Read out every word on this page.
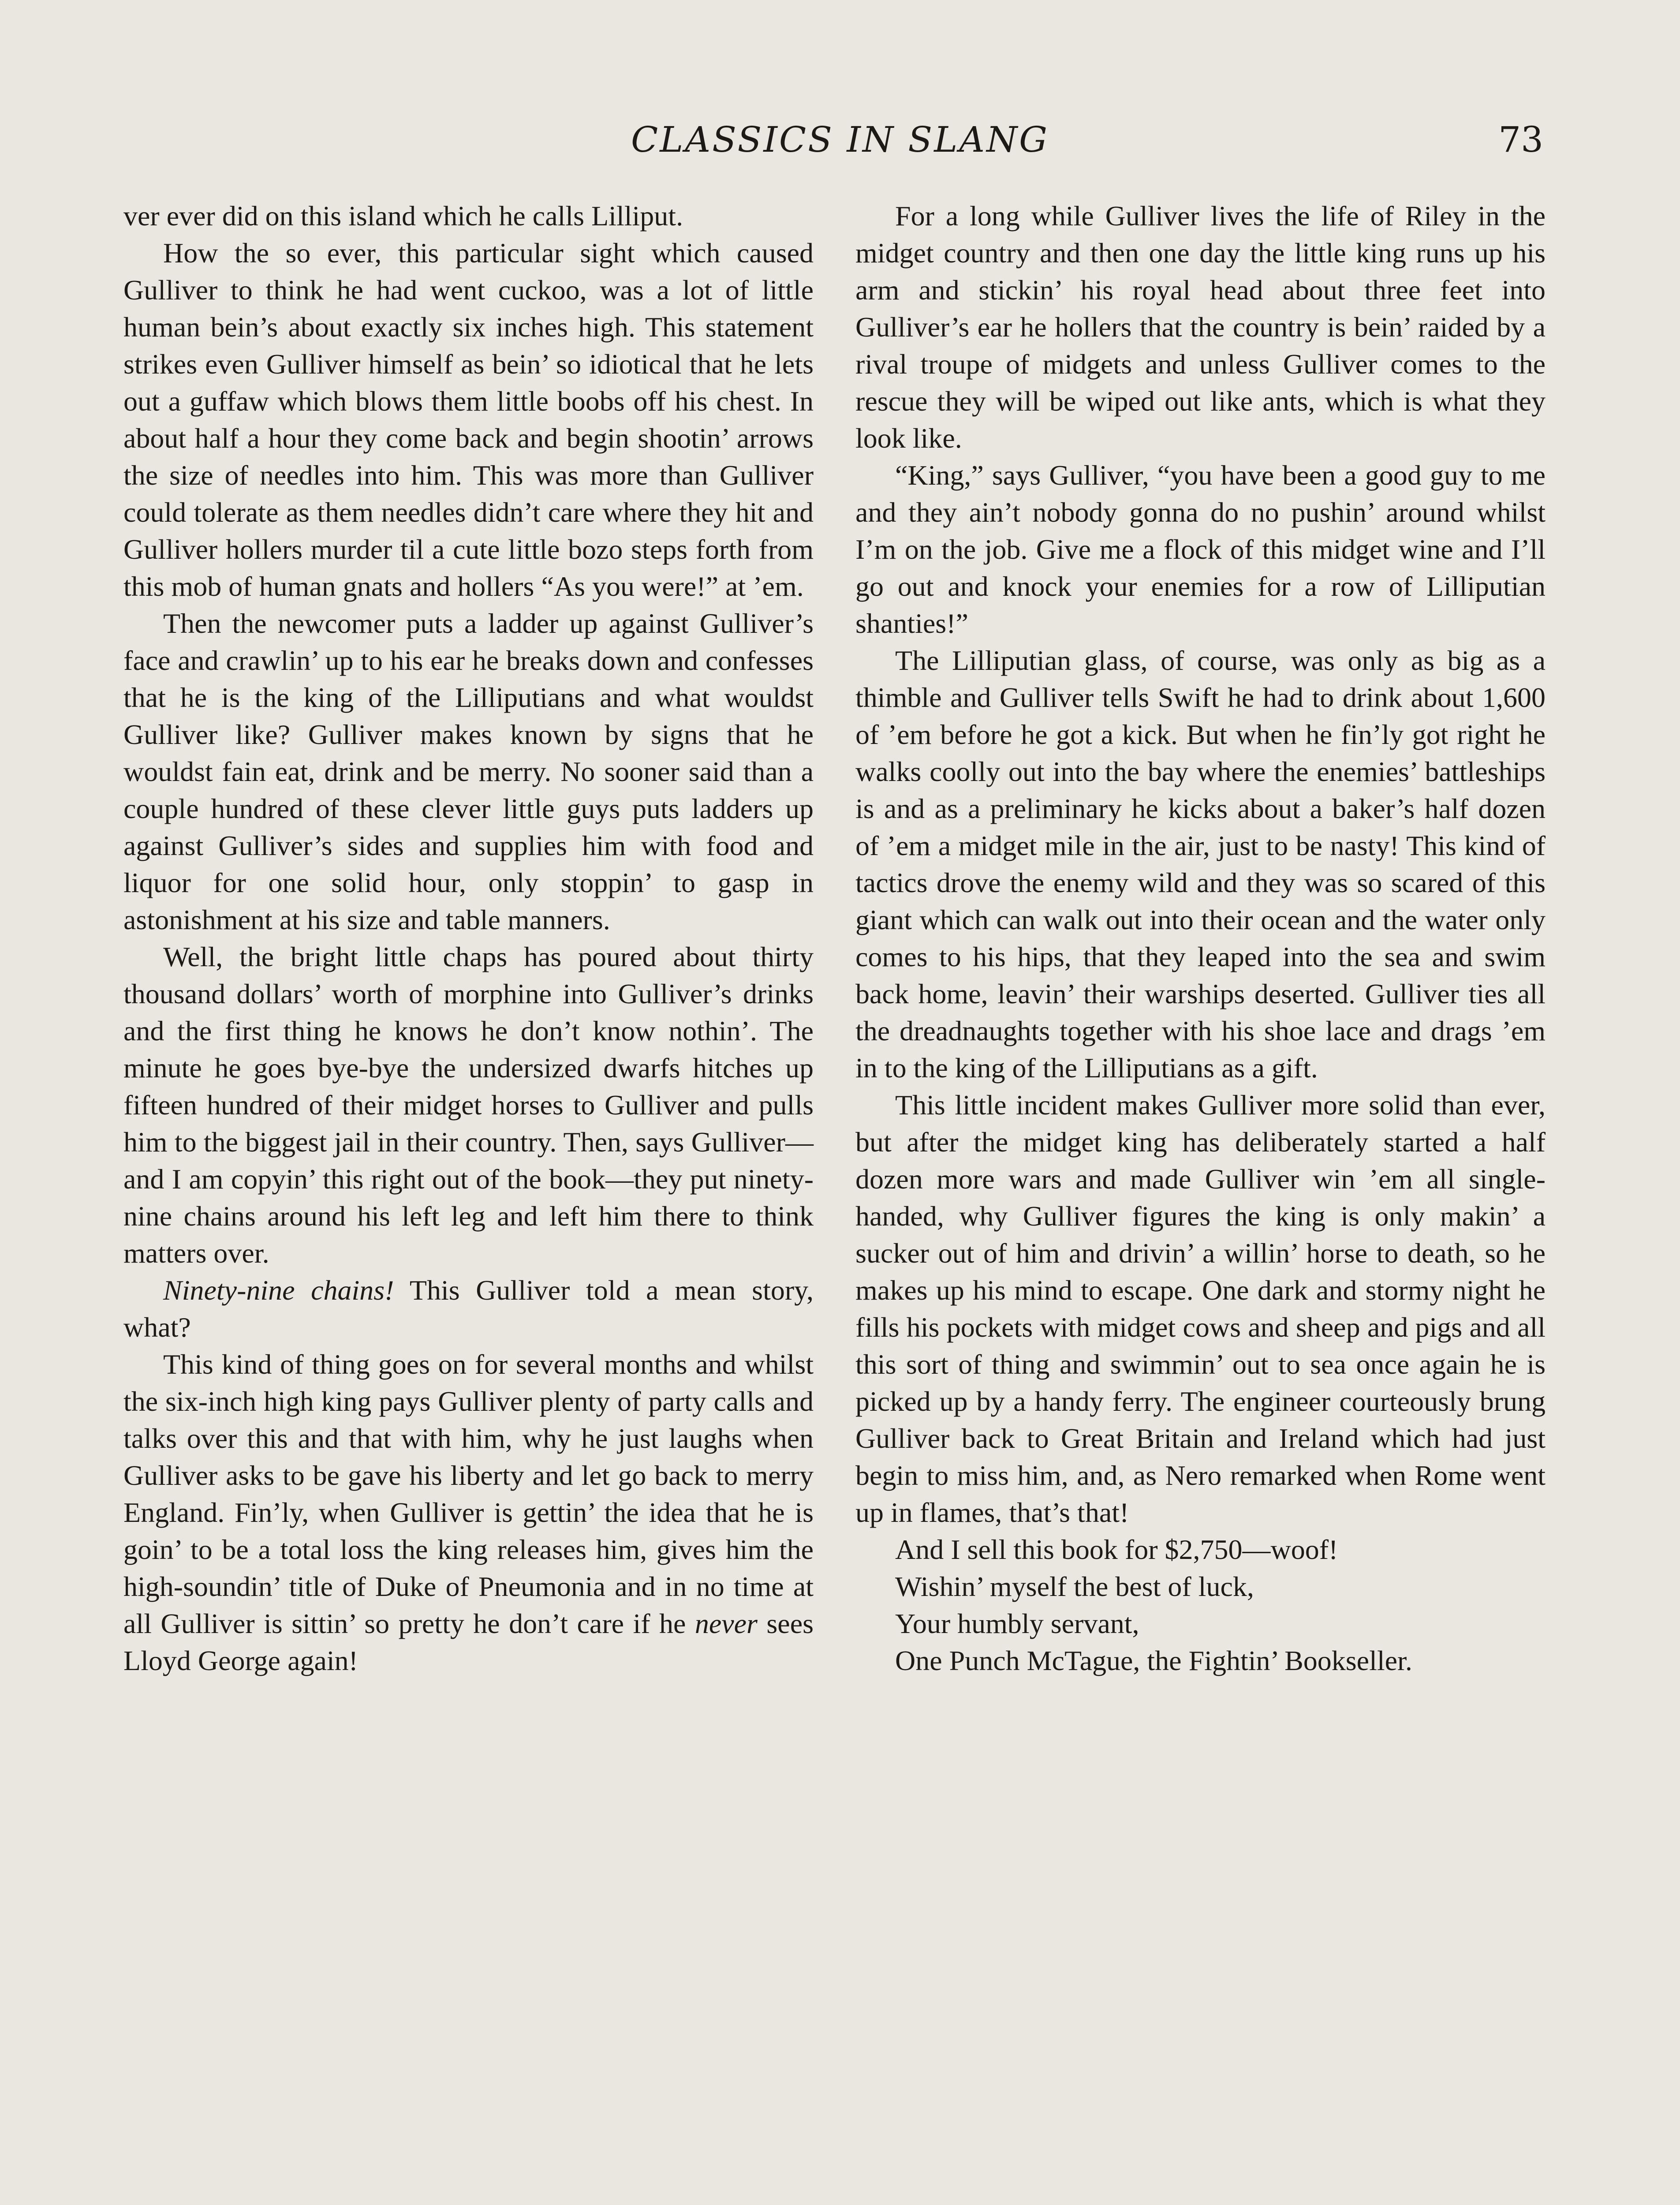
CLASSICS IN SLANG	73

ver ever did on this island which he calls Lilliput.

How the so ever, this particular sight which caused Gulliver to think he had went cuckoo, was a lot of little human bein’s about exactly six inches high. This statement strikes even Gulliver himself as bein’ so idiotical that he lets out a guffaw which blows them little boobs off his chest. In about half a hour they come back and begin shootin’ arrows the size of needles into him. This was more than Gulliver could tolerate as them needles didn’t care where they hit and Gulliver hollers murder til a cute little bozo steps forth from this mob of human gnats and hollers “As you were!” at ’em.

Then the newcomer puts a ladder up against Gulliver’s face and crawlin’ up to his ear he breaks down and confesses that he is the king of the Lilliputians and what wouldst Gulliver like? Gulliver makes known by signs that he wouldst fain eat, drink and be merry. No sooner said than a couple hundred of these clever little guys puts ladders up against Gulliver’s sides and supplies him with food and liquor for one solid hour, only stoppin’ to gasp in astonishment at his size and table manners.

Well, the bright little chaps has poured about thirty thousand dollars’ worth of morphine into Gulliver’s drinks and the first thing he knows he don’t know nothin’. The minute he goes bye-bye the undersized dwarfs hitches up fifteen hundred of their midget horses to Gulliver and pulls him to the biggest jail in their country. Then, says Gulliver—and I am copyin’ this right out of the book—they put ninety-nine chains around his left leg and left him there to think matters over.

Ninety-nine chains! This Gulliver told a mean story, what?

This kind of thing goes on for several months and whilst the six-inch high king pays Gulliver plenty of party calls and talks over this and that with him, why he just laughs when Gulliver asks to be gave his liberty and let go back to merry England. Fin’ly, when Gulliver is gettin’ the idea that he is goin’ to be a total loss the king releases him, gives him the high-soundin’ title of Duke of Pneumonia and in no time at all Gulliver is sittin’ so pretty he don’t care if he never sees Lloyd George again!

For a long while Gulliver lives the life of Riley in the midget country and then one day the little king runs up his arm and stickin’ his royal head about three feet into Gulliver’s ear he hollers that the country is bein’ raided by a rival troupe of midgets and unless Gulliver comes to the rescue they will be wiped out like ants, which is what they look like.

“King,” says Gulliver, “you have been a good guy to me and they ain’t nobody gonna do no pushin’ around whilst I’m on the job. Give me a flock of this midget wine and I’ll go out and knock your enemies for a row of Lilliputian shanties!”

The Lilliputian glass, of course, was only as big as a thimble and Gulliver tells Swift he had to drink about 1,600 of ’em before he got a kick. But when he fin’ly got right he walks coolly out into the bay where the enemies’ battleships is and as a preliminary he kicks about a baker’s half dozen of ’em a midget mile in the air, just to be nasty! This kind of tactics drove the enemy wild and they was so scared of this giant which can walk out into their ocean and the water only comes to his hips, that they leaped into the sea and swim back home, leavin’ their warships deserted. Gulliver ties all the dreadnaughts together with his shoe lace and drags ’em in to the king of the Lilliputians as a gift.

This little incident makes Gulliver more solid than ever, but after the midget king has deliberately started a half dozen more wars and made Gulliver win ’em all single-handed, why Gulliver figures the king is only makin’ a sucker out of him and drivin’ a willin’ horse to death, so he makes up his mind to escape. One dark and stormy night he fills his pockets with midget cows and sheep and pigs and all this sort of thing and swimmin’ out to sea once again he is picked up by a handy ferry. The engineer courteously brung Gulliver back to Great Britain and Ireland which had just begin to miss him, and, as Nero remarked when Rome went up in flames, that’s that!

And I sell this book for $2,750—woof!

Wishin’ myself the best of luck,

Your humbly servant,

One Punch McTague, the Fightin’ Bookseller.
